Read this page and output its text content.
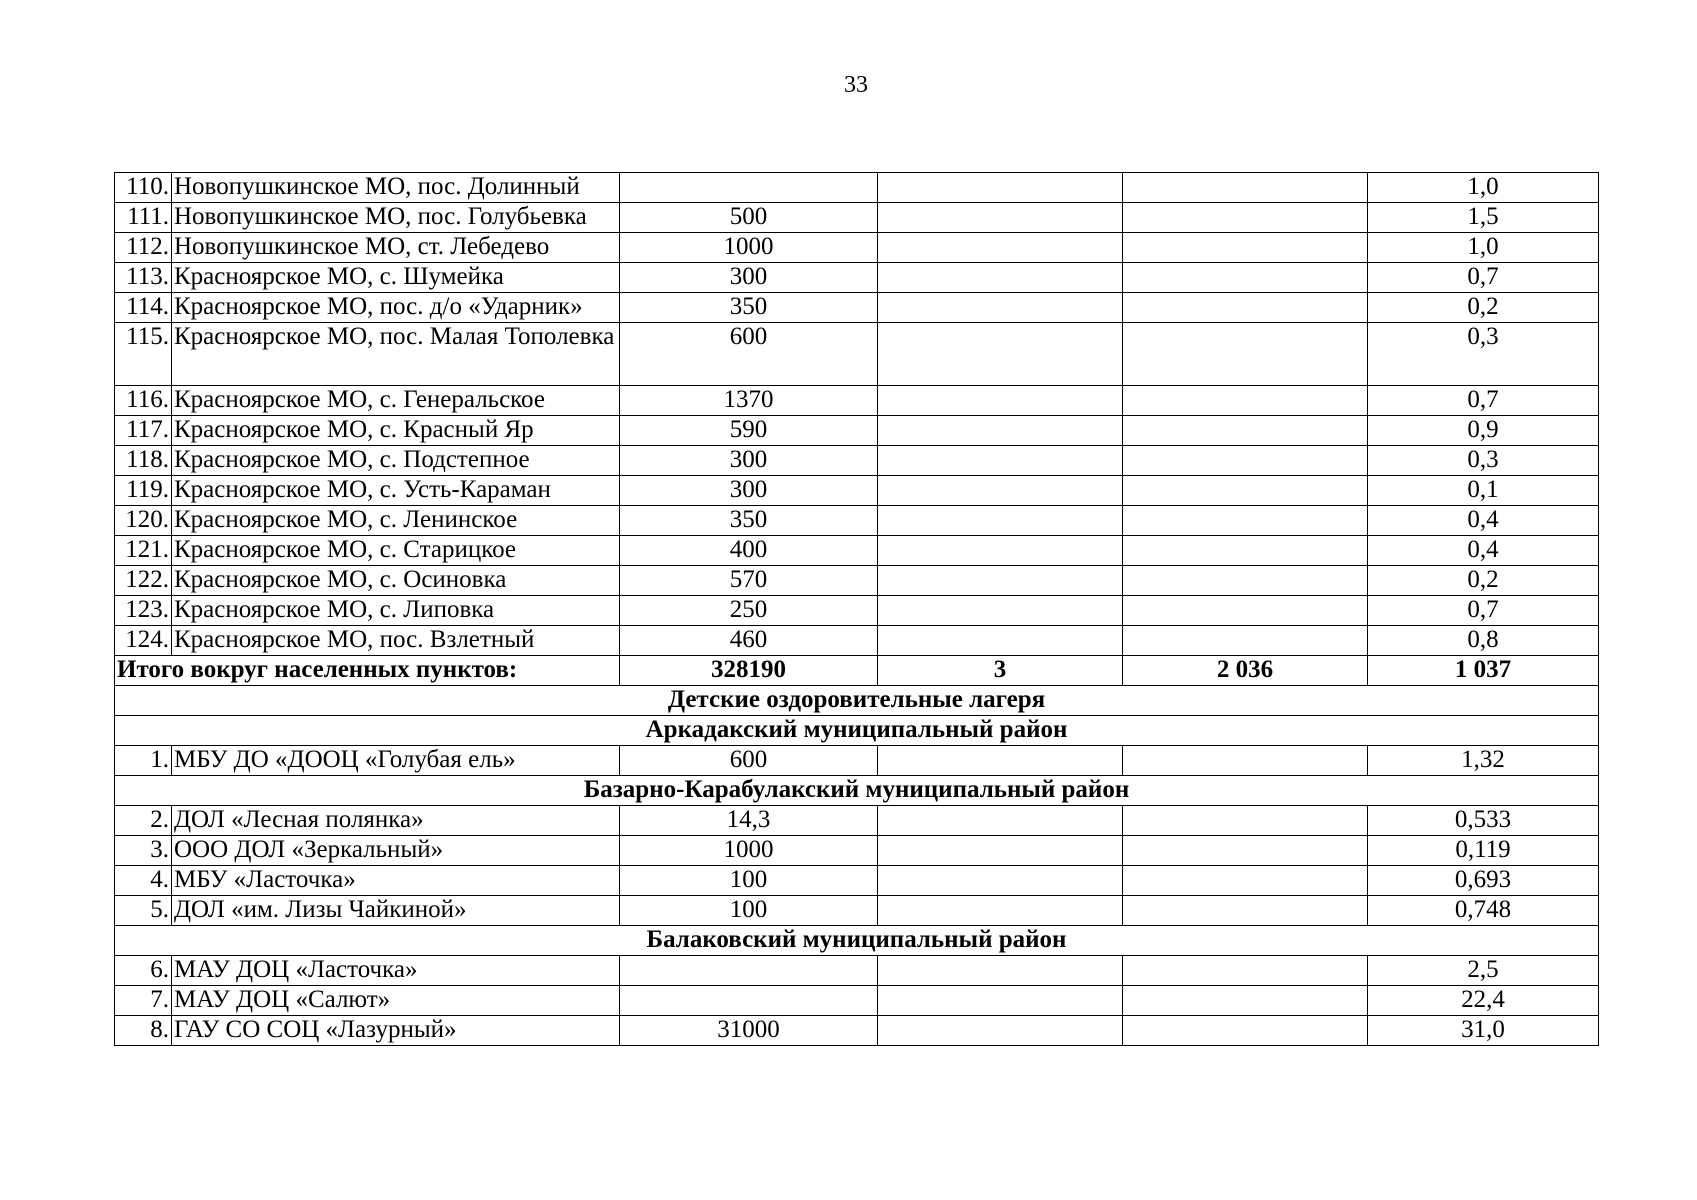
33
110.	Новопушкинское МО, пос. Долинный				1,0
111.	Новопушкинское МО, пос. Голубьевка	500			1,5
112.	Новопушкинское МО, ст. Лебедево	1000			1,0
113.	Красноярское МО, с. Шумейка	300			0,7
114.	Красноярское МО, пос. д/о «Ударник»	350			0,2
115.	Красноярское МО, пос. Малая Тополевка	600			0,3
116.	Красноярское МО, с. Генеральское	1370			0,7
117.	Красноярское МО, с. Красный Яр	590			0,9
118.	Красноярское МО, с. Подстепное	300			0,3
119.	Красноярское МО, с. Усть-Караман	300			0,1
120.	Красноярское МО, с. Ленинское	350			0,4
121.	Красноярское МО, с. Старицкое	400			0,4
122.	Красноярское МО, с. Осиновка	570			0,2
123.	Красноярское МО, с. Липовка	250			0,7
124.	Красноярское МО, пос. Взлетный	460			0,8
Итого вокруг населенных пунктов:		328190	3	2 036	1 037
Детские оздоровительные лагеря					
Аркадакский муниципальный район					
1.	МБУ ДО «ДООЦ «Голубая ель»	600			1,32
Базарно-Карабулакский муниципальный район					
2.	ДОЛ «Лесная полянка»	14,3			0,533
3.	ООО ДОЛ «Зеркальный»	1000			0,119
4.	МБУ «Ласточка»	100			0,693
5.	ДОЛ «им. Лизы Чайкиной»	100			0,748
Балаковский муниципальный район					
6.	МАУ ДОЦ «Ласточка»				2,5
7.	МАУ ДОЦ «Салют»				22,4
8.	ГАУ СО СОЦ «Лазурный»	31000			31,0
